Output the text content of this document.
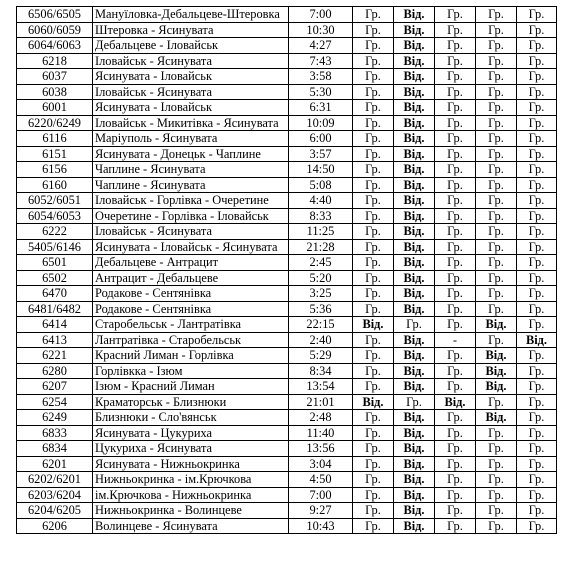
6506/6505	Мануїловка-Дебальцеве-Штеровка	7:00	Гр.	Від.	Гр.	Гр.	Гр.
6060/6059	Штеровка - Ясинувата	10:30	Гр.	Від.	Гр.	Гр.	Гр.
6064/6063	Дебальцеве - Іловайськ	4:27	Гр.	Від.	Гр.	Гр.	Гр.
6218	Іловайськ - Ясинувата	7:43	Гр.	Від.	Гр.	Гр.	Гр.
6037	Ясинувата - Іловайськ	3:58	Гр.	Від.	Гр.	Гр.	Гр.
6038	Іловайськ - Ясинувата	5:30	Гр.	Від.	Гр.	Гр.	Гр.
6001	Ясинувата - Іловайськ	6:31	Гр.	Від.	Гр.	Гр.	Гр.
6220/6249	Іловайськ - Микитівка - Ясинувата	10:09	Гр.	Від.	Гр.	Гр.	Гр.
6116	Маріуполь - Ясинувата	6:00	Гр.	Від.	Гр.	Гр.	Гр.
6151	Ясинувата - Донецьк - Чаплине	3:57	Гр.	Від.	Гр.	Гр.	Гр.
6156	Чаплине - Ясинувата	14:50	Гр.	Від.	Гр.	Гр.	Гр.
6160	Чаплине - Ясинувата	5:08	Гр.	Від.	Гр.	Гр.	Гр.
6052/6051	Іловайськ - Горлівка - Очеретине	4:40	Гр.	Від.	Гр.	Гр.	Гр.
6054/6053	Очеретине - Горлівка - Іловайськ	8:33	Гр.	Від.	Гр.	Гр.	Гр.
6222	Іловайськ - Ясинувата	11:25	Гр.	Від.	Гр.	Гр.	Гр.
5405/6146	Ясинувата - Іловайськ - Ясинувата	21:28	Гр.	Від.	Гр.	Гр.	Гр.
6501	Дебальцеве - Антрацит	2:45	Гр.	Від.	Гр.	Гр.	Гр.
6502	Антрацит - Дебальцеве	5:20	Гр.	Від.	Гр.	Гр.	Гр.
6470	Родакове - Сентянівка	3:25	Гр.	Від.	Гр.	Гр.	Гр.
6481/6482	Родакове - Сентянівка	5:36	Гр.	Від.	Гр.	Гр.	Гр.
6414	Старобельськ - Лантратівка	22:15	Від.	Гр.	Гр.	Від.	Гр.
6413	Лантратівка - Старобельськ	2:40	Гр.	Від.	-	Гр.	Від.
6221	Красний Лиман - Горлівка	5:29	Гр.	Від.	Гр.	Від.	Гр.
6280	Горлівкка - Ізюм	8:34	Гр.	Від.	Гр.	Від.	Гр.
6207	Ізюм - Красний Лиман	13:54	Гр.	Від.	Гр.	Від.	Гр.
6254	Краматорськ - Близнюки	21:01	Від.	Гр.	Від.	Гр.	Гр.
6249	Близнюки - Сло'вянськ	2:48	Гр.	Від.	Гр.	Від.	Гр.
6833	Ясинувата - Цукуриха	11:40	Гр.	Від.	Гр.	Гр.	Гр.
6834	Цукуриха - Ясинувата	13:56	Гр.	Від.	Гр.	Гр.	Гр.
6201	Ясинувата - Нижньокринка	3:04	Гр.	Від.	Гр.	Гр.	Гр.
6202/6201	Нижньокринка - ім.Крючкова	4:50	Гр.	Від.	Гр.	Гр.	Гр.
6203/6204	ім.Крючкова - Нижньокринка	7:00	Гр.	Від.	Гр.	Гр.	Гр.
6204/6205	Нижньокринка - Волинцеве	9:27	Гр.	Від.	Гр.	Гр.	Гр.
6206	Волинцеве - Ясинувата	10:43	Гр.	Від.	Гр.	Гр.	Гр.
